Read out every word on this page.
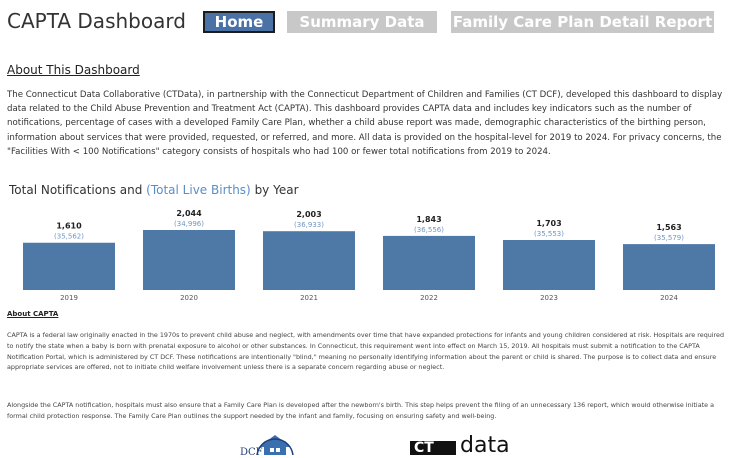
CAPTA Dashboard	Home	Summary Data	Family Care Plan Detail Report
About This Dashboard

The Connecticut Data Collaborative (CTData), in partnership with the Connecticut Department of Children and Families (CT DCF), developed this dashboard to display data related to the Child Abuse Prevention and Treatment Act (CAPTA). This dashboard provides CAPTA data and includes key indicators such as the number of notifications, percentage of cases with a developed Family Care Plan, whether a child abuse report was made, demographic characteristics of the birthing person, information about services that were provided, requested, or referred, and more. All data is provided on the hospital-level for 2019 to 2024. For privacy concerns, the "Facilities With < 100 Notifications" category consists of hospitals who had 100 or fewer total notifications from 2019 to 2024.

Total Notifications and (Total Live Births) by Year
1,610
(35,562)
2019
2,044
(34,996)
2020
2,003
(36,933)
2021
1,843
(36,556)
2022
1,703
(35,553)
2023
1,563
(35,579)
2024
About CAPTA

CAPTA is a federal law originally enacted in the 1970s to prevent child abuse and neglect, with amendments over time that have expanded protections for infants and young children considered at risk. Hospitals are required to notify the state when a baby is born with prenatal exposure to alcohol or other substances. In Connecticut, this requirement went into effect on March 15, 2019. All hospitals must submit a notification to the CAPTA Notification Portal, which is administered by CT DCF. These notifications are intentionally "blind," meaning no personally identifying information about the parent or child is shared. The purpose is to collect data and ensure appropriate services are offered, not to initiate child welfare involvement unless there is a separate concern regarding abuse or neglect.

Alongside the CAPTA notification, hospitals must also ensure that a Family Care Plan is developed after the newborn's birth. This step helps prevent the filing of an unnecessary 136 report, which would otherwise initiate a formal child protection response. The Family Care Plan outlines the support needed by the infant and family, focusing on ensuring safety and well-being.

DCF	CT data
